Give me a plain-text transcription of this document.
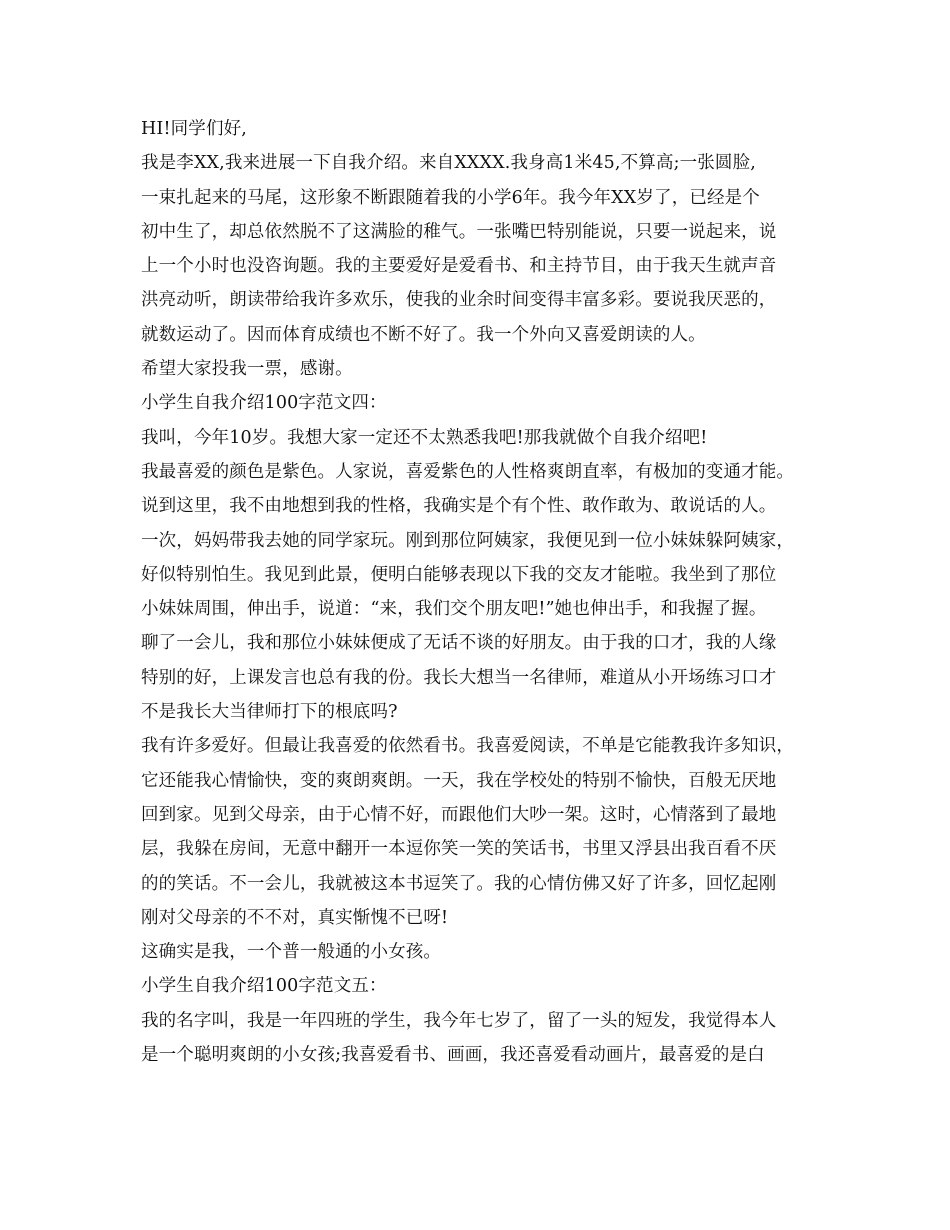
HI!同学们好,
我是李XX,我来进展一下自我介绍。来自XXXX.我身高1米45,不算高;一张圆脸,
一束扎起来的马尾，这形象不断跟随着我的小学6年。我今年XX岁了，已经是个
初中生了，却总依然脱不了这满脸的稚气。一张嘴巴特别能说，只要一说起来，说
上一个小时也没咨询题。我的主要爱好是爱看书、和主持节目，由于我天生就声音
洪亮动听，朗读带给我许多欢乐，使我的业余时间变得丰富多彩。要说我厌恶的，
就数运动了。因而体育成绩也不断不好了。我一个外向又喜爱朗读的人。
希望大家投我一票，感谢。
小学生自我介绍100字范文四：
我叫，今年10岁。我想大家一定还不太熟悉我吧!那我就做个自我介绍吧!
我最喜爱的颜色是紫色。人家说，喜爱紫色的人性格爽朗直率，有极加的变通才能。
说到这里，我不由地想到我的性格，我确实是个有个性、敢作敢为、敢说话的人。
一次，妈妈带我去她的同学家玩。刚到那位阿姨家，我便见到一位小妹妹躲阿姨家，
好似特别怕生。我见到此景，便明白能够表现以下我的交友才能啦。我坐到了那位
小妹妹周围，伸出手，说道：“来，我们交个朋友吧!”她也伸出手，和我握了握。
聊了一会儿，我和那位小妹妹便成了无话不谈的好朋友。由于我的口才，我的人缘
特别的好，上课发言也总有我的份。我长大想当一名律师，难道从小开场练习口才
不是我长大当律师打下的根底吗?
我有许多爱好。但最让我喜爱的依然看书。我喜爱阅读，不单是它能教我许多知识，
它还能我心情愉快，变的爽朗爽朗。一天，我在学校处的特别不愉快，百般无厌地
回到家。见到父母亲，由于心情不好，而跟他们大吵一架。这时，心情落到了最地
层，我躲在房间，无意中翻开一本逗你笑一笑的笑话书，书里又浮县出我百看不厌
的的笑话。不一会儿，我就被这本书逗笑了。我的心情仿佛又好了许多，回忆起刚
刚对父母亲的不不对，真实惭愧不已呀!
这确实是我，一个普一般通的小女孩。
小学生自我介绍100字范文五：
我的名字叫，我是一年四班的学生，我今年七岁了，留了一头的短发，我觉得本人
是一个聪明爽朗的小女孩;我喜爱看书、画画，我还喜爱看动画片，最喜爱的是白
